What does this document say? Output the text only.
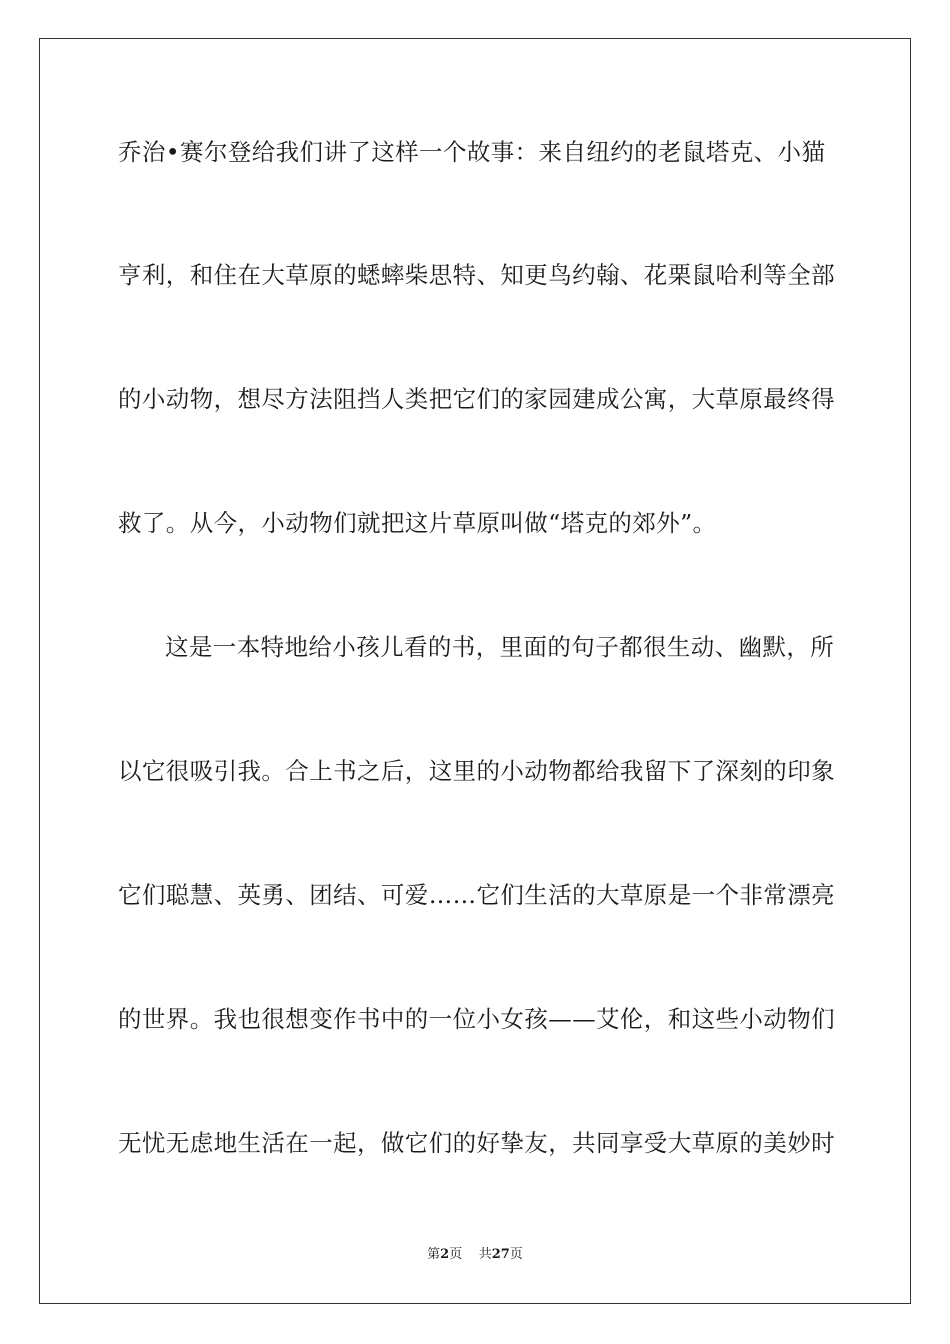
乔治•赛尔登给我们讲了这样一个故事：来自纽约的老鼠塔克、小猫
亨利，和住在大草原的蟋蟀柴思特、知更鸟约翰、花栗鼠哈利等全部
的小动物，想尽方法阻挡人类把它们的家园建成公寓，大草原最终得
救了。从今，小动物们就把这片草原叫做“塔克的郊外”。
这是一本特地给小孩儿看的书，里面的句子都很生动、幽默，所
以它很吸引我。合上书之后，这里的小动物都给我留下了深刻的印象
它们聪慧、英勇、团结、可爱……它们生活的大草原是一个非常漂亮
的世界。我也很想变作书中的一位小女孩——艾伦，和这些小动物们
无忧无虑地生活在一起，做它们的好挚友，共同享受大草原的美妙时
第2页 共27页
